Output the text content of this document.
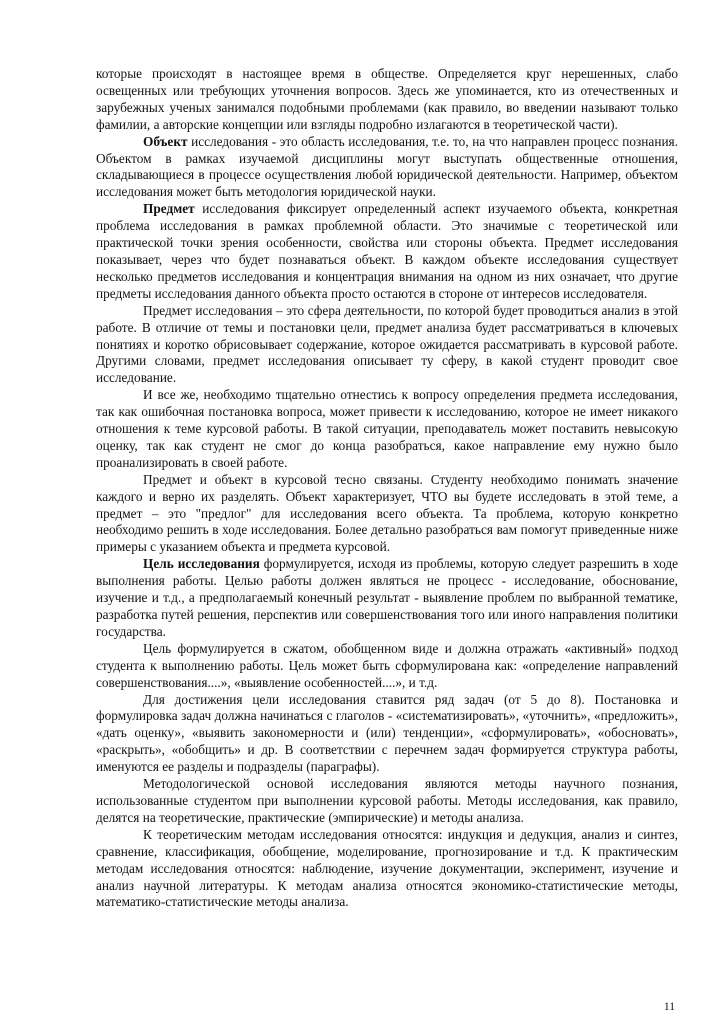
которые происходят в настоящее время в обществе. Определяется круг нерешенных, слабо освещенных или требующих уточнения вопросов. Здесь же упоминается, кто из отечественных и зарубежных ученых занимался подобными проблемами (как правило, во введении называют только фамилии, а авторские концепции или взгляды подробно излагаются в теоретической части).

Объект исследования - это область исследования, т.е. то, на что направлен процесс познания. Объектом в рамках изучаемой дисциплины могут выступать общественные отношения, складывающиеся в процессе осуществления любой юридической деятельности. Например, объектом исследования может быть методология юридической науки.

Предмет исследования фиксирует определенный аспект изучаемого объекта, конкретная проблема исследования в рамках проблемной области. Это значимые с теоретической или практической точки зрения особенности, свойства или стороны объекта. Предмет исследования показывает, через что будет познаваться объект. В каждом объекте исследования существует несколько предметов исследования и концентрация внимания на одном из них означает, что другие предметы исследования данного объекта просто остаются в стороне от интересов исследователя.

Предмет исследования – это сфера деятельности, по которой будет проводиться анализ в этой работе. В отличие от темы и постановки цели, предмет анализа будет рассматриваться в ключевых понятиях и коротко обрисовывает содержание, которое ожидается рассматривать в курсовой работе. Другими словами, предмет исследования описывает ту сферу, в какой студент проводит свое исследование.

И все же, необходимо тщательно отнестись к вопросу определения предмета исследования, так как ошибочная постановка вопроса, может привести к исследованию, которое не имеет никакого отношения к теме курсовой работы. В такой ситуации, преподаватель может поставить невысокую оценку, так как студент не смог до конца разобраться, какое направление ему нужно было проанализировать в своей работе.

Предмет и объект в курсовой тесно связаны. Студенту необходимо понимать значение каждого и верно их разделять. Объект характеризует, ЧТО вы будете исследовать в этой теме, а предмет – это "предлог" для исследования всего объекта. Та проблема, которую конкретно необходимо решить в ходе исследования. Более детально разобраться вам помогут приведенные ниже примеры с указанием объекта и предмета курсовой.

Цель исследования формулируется, исходя из проблемы, которую следует разрешить в ходе выполнения работы. Целью работы должен являться не процесс - исследование, обоснование, изучение и т.д., а предполагаемый конечный результат - выявление проблем по выбранной тематике, разработка путей решения, перспектив или совершенствования того или иного направления политики государства.

Цель формулируется в сжатом, обобщенном виде и должна отражать «активный» подход студента к выполнению работы. Цель может быть сформулирована как: «определение направлений совершенствования....», «выявление особенностей....», и т.д.

Для достижения цели исследования ставится ряд задач (от 5 до 8). Постановка и формулировка задач должна начинаться с глаголов - «систематизировать», «уточнить», «предложить», «дать оценку», «выявить закономерности и (или) тенденции», «сформулировать», «обосновать», «раскрыть», «обобщить» и др. В соответствии с перечнем задач формируется структура работы, именуются ее разделы и подразделы (параграфы).

Методологической основой исследования являются методы научного познания, использованные студентом при выполнении курсовой работы. Методы исследования, как правило, делятся на теоретические, практические (эмпирические) и методы анализа.

К теоретическим методам исследования относятся: индукция и дедукция, анализ и синтез, сравнение, классификация, обобщение, моделирование, прогнозирование и т.д. К практическим методам исследования относятся: наблюдение, изучение документации, эксперимент, изучение и анализ научной литературы. К методам анализа относятся экономико-статистические методы, математико-статистические методы анализа.

11
